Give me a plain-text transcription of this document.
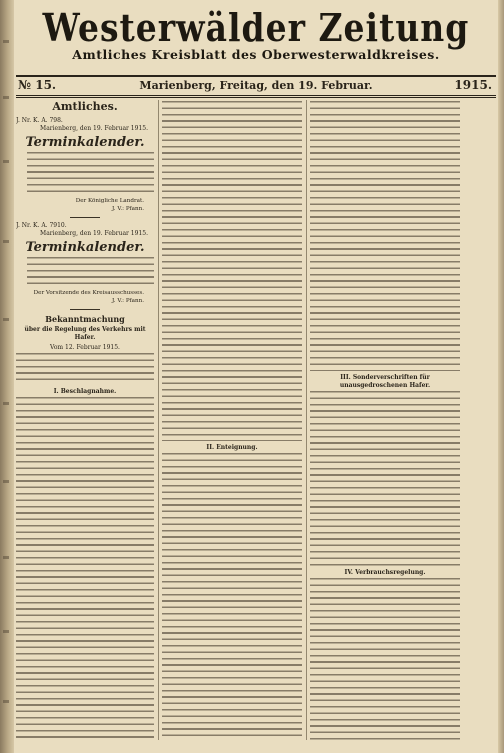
Westerwälder Zeitung
Amtliches Kreisblatt des Oberwesterwaldkreises.
№ 15.	Marienberg, Freitag, den 19. Februar.	1915.
Amtliches.
J. Nr. K. A. 798.
Marienberg, den 19. Februar 1915.
Terminkalender.
Der Königliche Landrat.
J. V.: Pfann.
J. Nr. K. A. 7910.
Marienberg, den 19. Februar 1915.
Terminkalender.
Der Vorsitzende des Kreisausschusses.
J. V.: Pfann.
Bekanntmachung
über die Regelung des Verkehrs mit Hafer.
Vom 12. Februar 1915.
I. Beschlagnahme.
II. Enteignung.
III. Sonderverschriften für unausgedroschenen Hafer.
IV. Verbrauchsregelung.
